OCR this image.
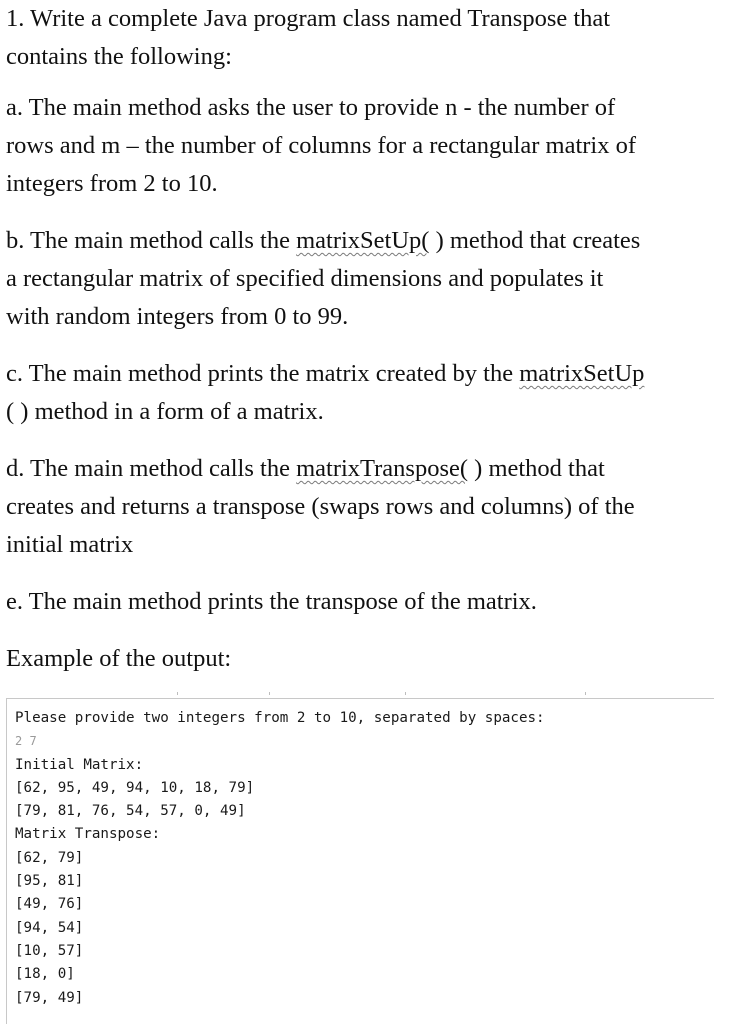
1. Write a complete Java program class named Transpose that
contains the following:

a. The main method asks the user to provide n - the number of
rows and m – the number of columns for a rectangular matrix of
integers from 2 to 10.

b. The main method calls the matrixSetUp( ) method that creates
a rectangular matrix of specified dimensions and populates it
with random integers from 0 to 99.

c. The main method prints the matrix created by the matrixSetUp
( ) method in a form of a matrix.

d. The main method calls the matrixTranspose( ) method that
creates and returns a transpose (swaps rows and columns) of the
initial matrix

e. The main method prints the transpose of the matrix.

Example of the output:

Please provide two integers from 2 to 10, separated by spaces:
2 7
Initial Matrix:
[62, 95, 49, 94, 10, 18, 79]
[79, 81, 76, 54, 57, 0, 49]
Matrix Transpose:
[62, 79]
[95, 81]
[49, 76]
[94, 54]
[10, 57]
[18, 0]
[79, 49]
